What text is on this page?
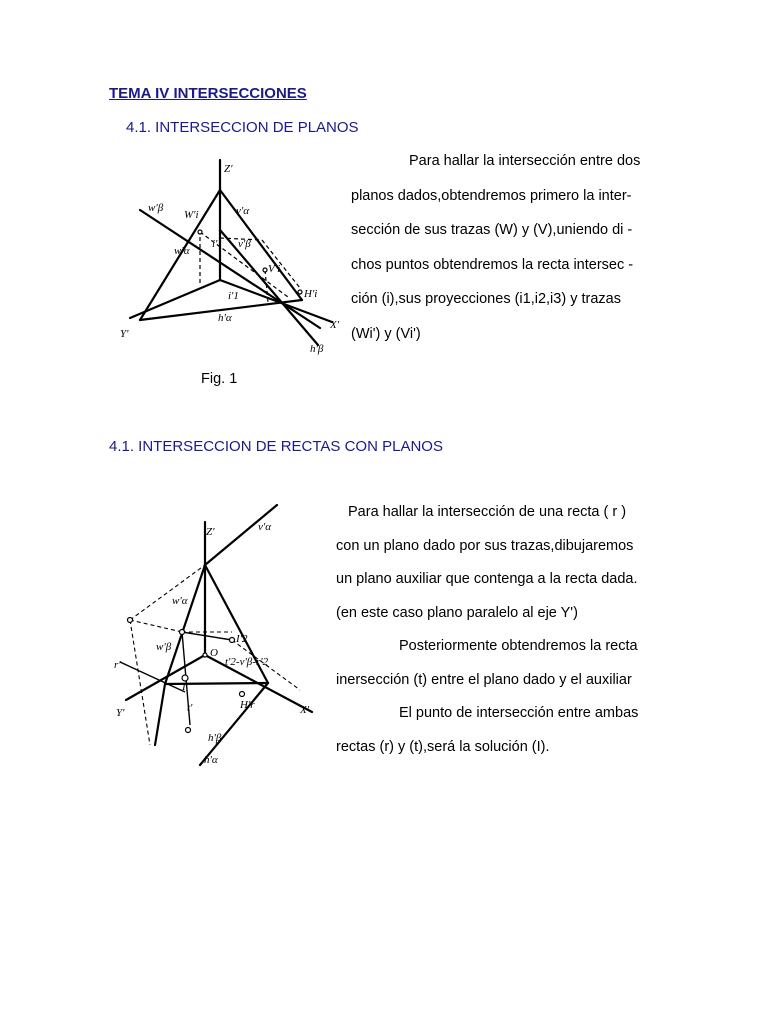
TEMA IV INTERSECCIONES
4.1. INTERSECCION DE PLANOS
Para hallar la intersección entre dos
planos dados,obtendremos primero la inter-
sección de sus trazas (W) y (V),uniendo di -
chos puntos obtendremos la recta intersec -
ción (i),sus proyecciones (i1,i2,i3) y trazas
(Wi') y (Vi')
Z'
w'β
W'i	v'α
w'α
i' v'β
V'i
H'i
i'1
h'α
Y'
X'
h'β
Fig. 1
4.1. INTERSECCION DE RECTAS CON PLANOS
Para hallar la intersección de una recta ( r )
con un plano dado por sus trazas,dibujaremos
un plano auxiliar que contenga a la recta dada.
(en este caso plano paralelo al eje Y')
Posteriormente obtendremos la recta
inersección (t) entre el plano dado y el auxiliar
El punto de intersección entre ambas
rectas (r) y (t),será la solución (I).
Z'	v'α
w'α
w'β
I'2
O
t'2-v'β-r'2
r'
I'
Y'	t'	H'r	X'
h'β
h'α
